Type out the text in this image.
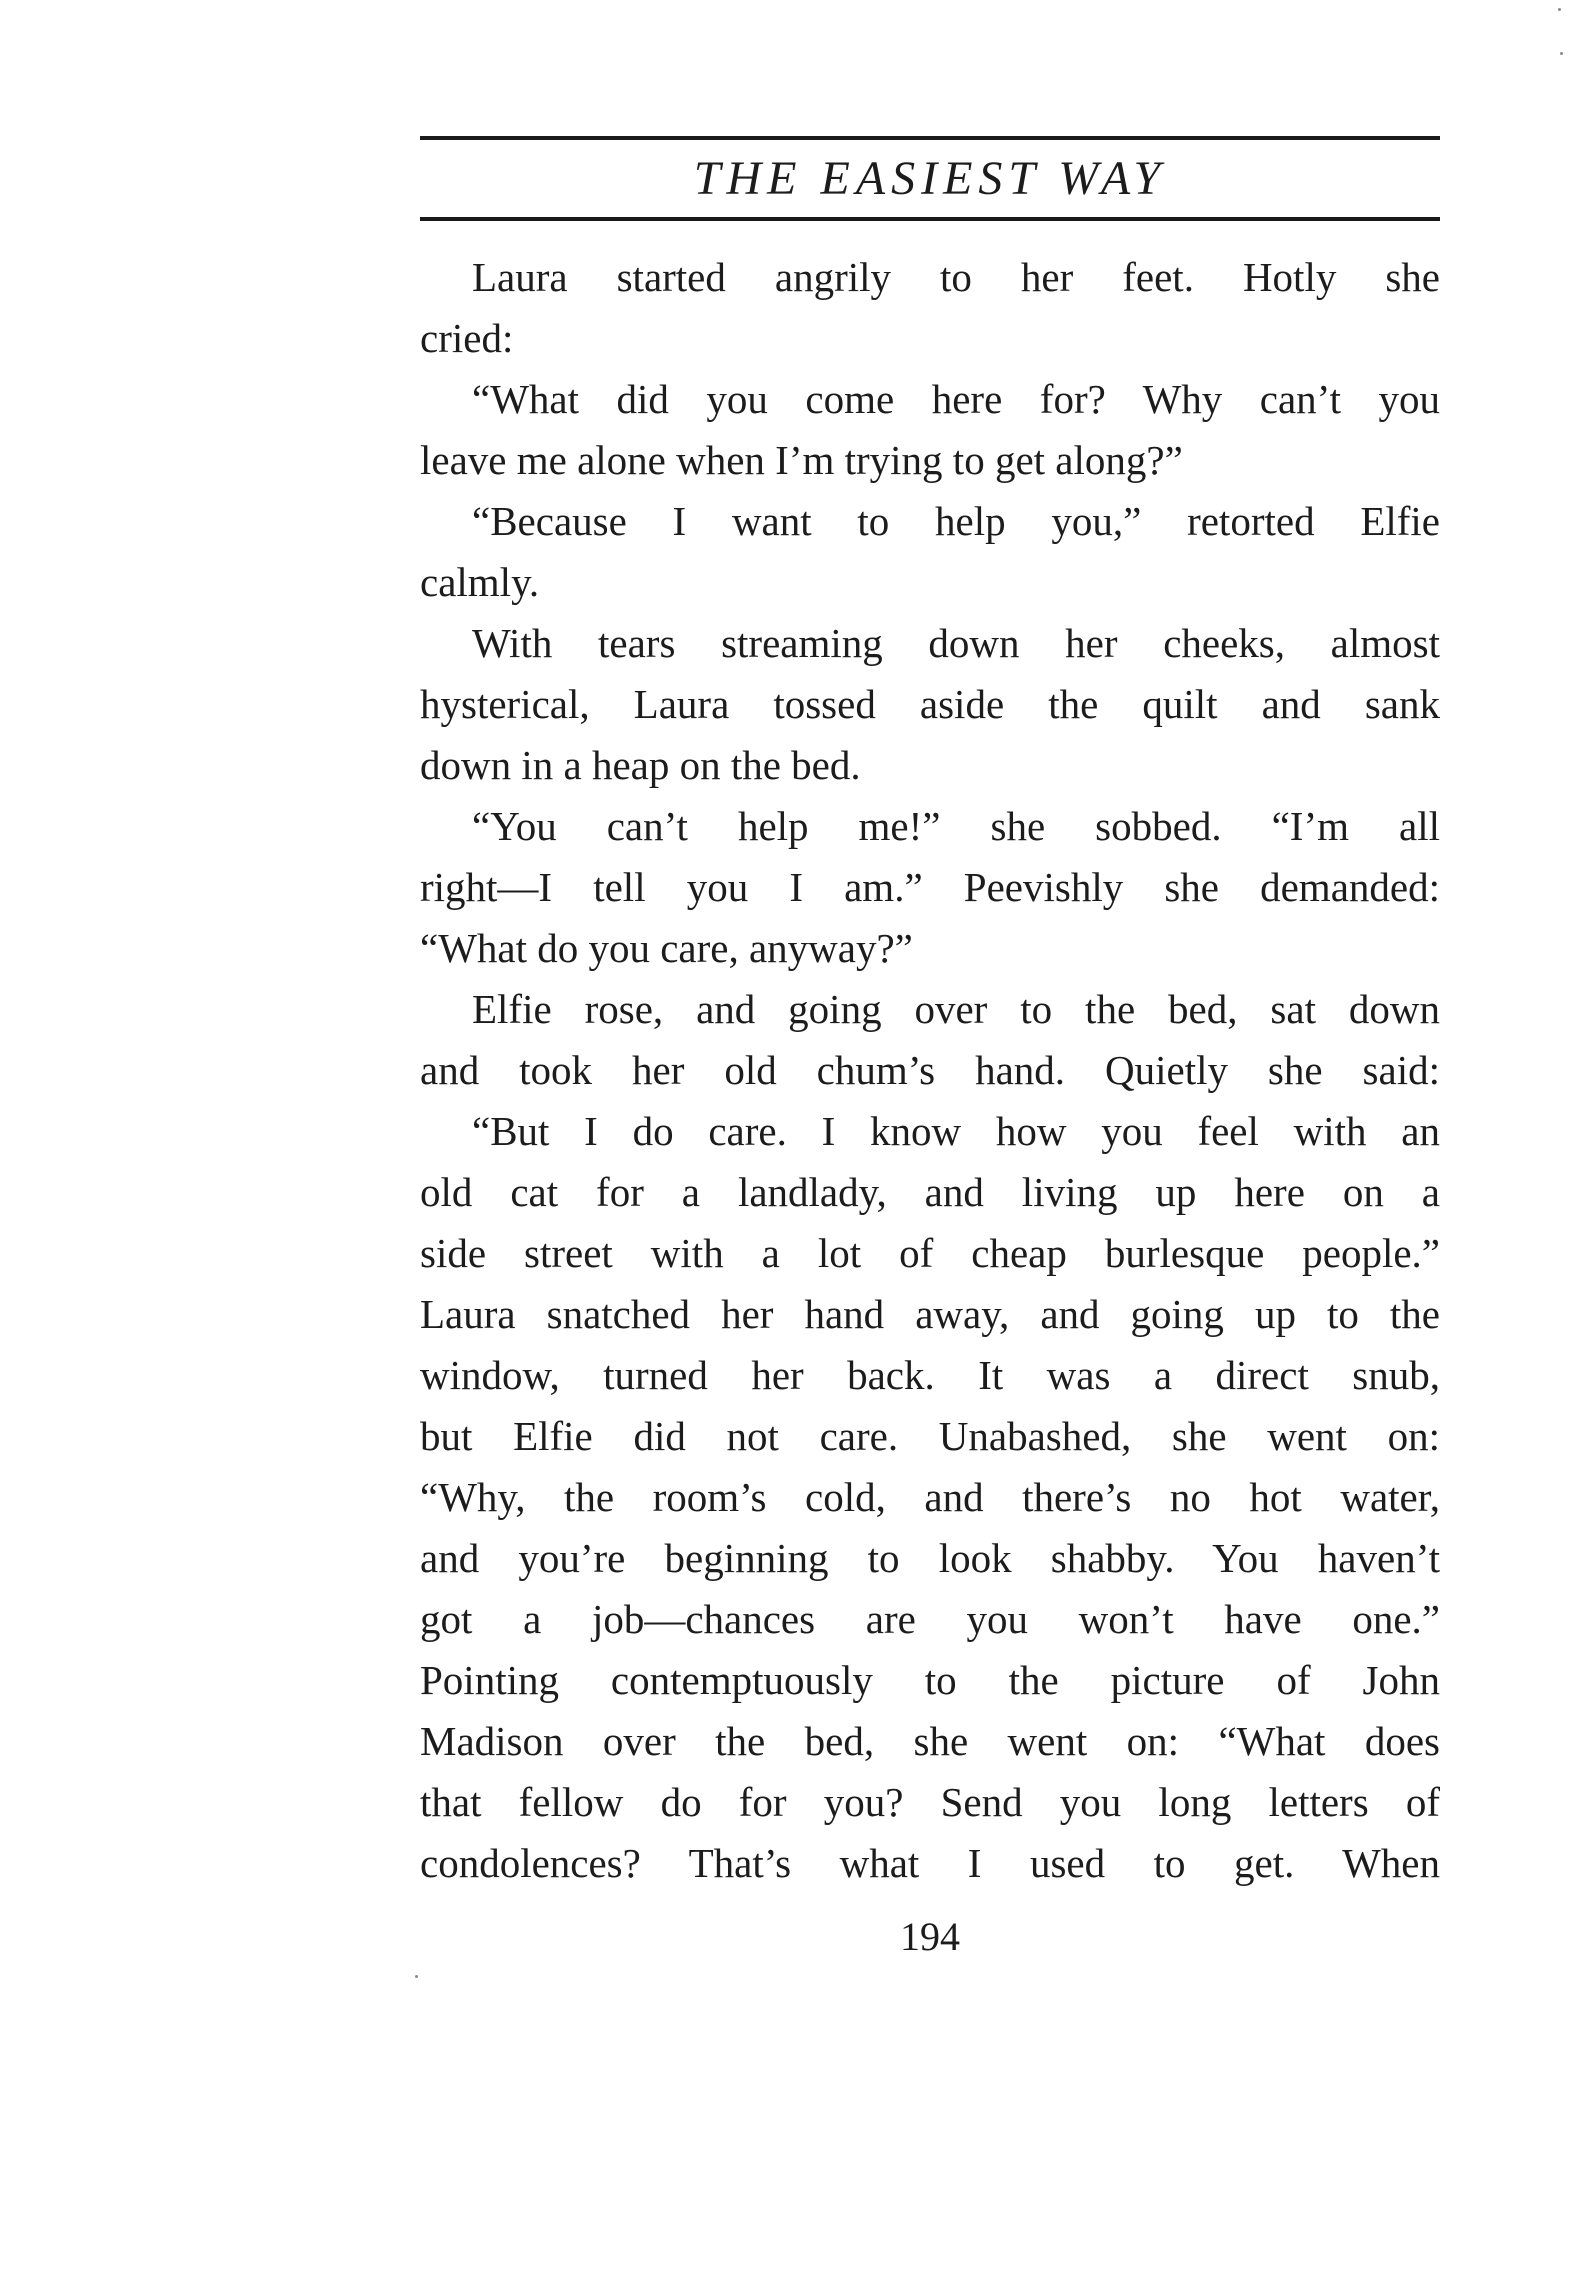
THE EASIEST WAY
Laura started angrily to her feet. Hotly she
cried:
“What did you come here for? Why can’t you
leave me alone when I’m trying to get along?”
“Because I want to help you,” retorted Elfie
calmly.
With tears streaming down her cheeks, almost
hysterical, Laura tossed aside the quilt and sank
down in a heap on the bed.
“You can’t help me!” she sobbed. “I’m all
right—I tell you I am.” Peevishly she demanded:
“What do you care, anyway?”
Elfie rose, and going over to the bed, sat down
and took her old chum’s hand. Quietly she said:
“But I do care. I know how you feel with an
old cat for a landlady, and living up here on a
side street with a lot of cheap burlesque people.”
Laura snatched her hand away, and going up to the
window, turned her back. It was a direct snub,
but Elfie did not care. Unabashed, she went on:
“Why, the room’s cold, and there’s no hot water,
and you’re beginning to look shabby. You haven’t
got a job—chances are you won’t have one.”
Pointing contemptuously to the picture of John
Madison over the bed, she went on: “What does
that fellow do for you? Send you long letters of
condolences? That’s what I used to get. When
194
